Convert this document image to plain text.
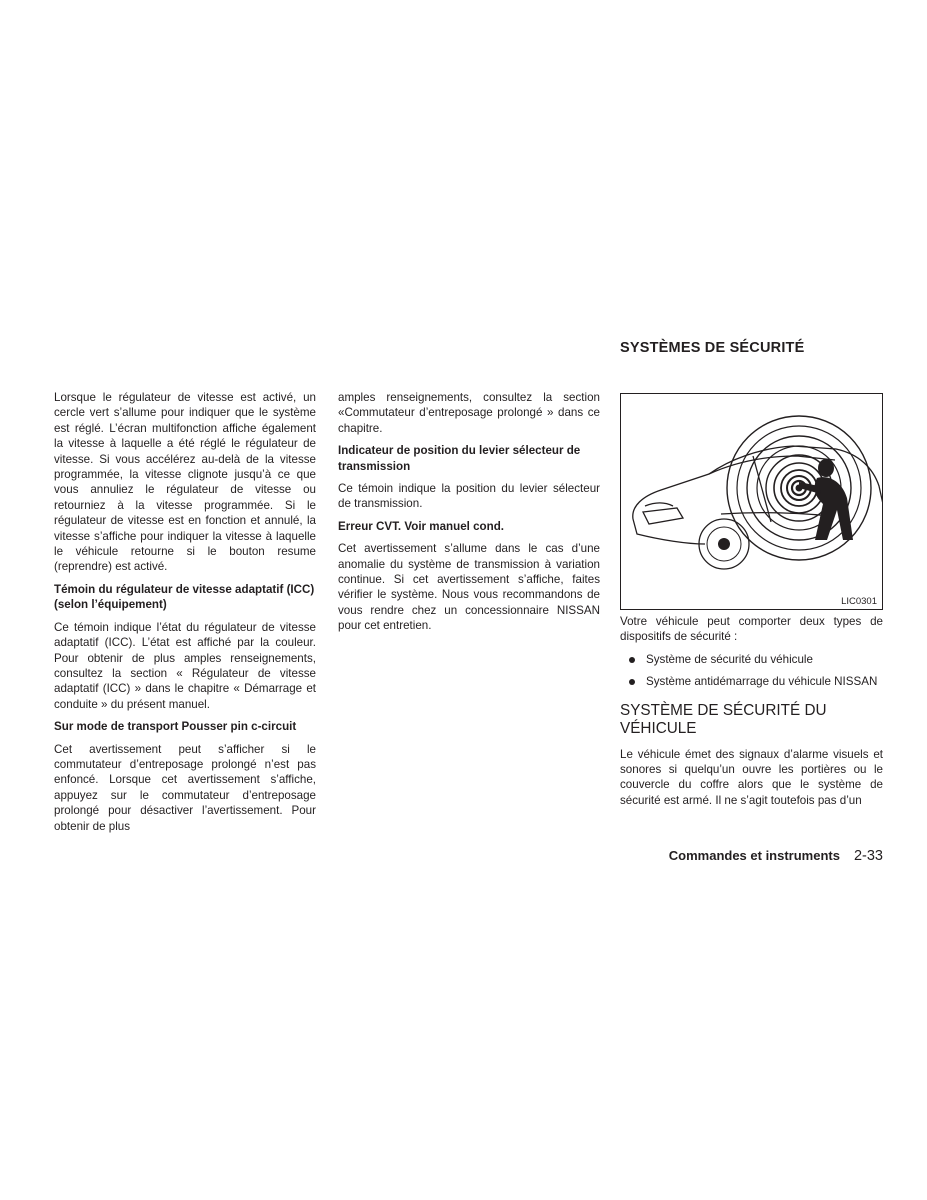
Lorsque le régulateur de vitesse est activé, un cercle vert s’allume pour indiquer que le système est réglé. L’écran multifonction affiche également la vitesse à laquelle a été réglé le régulateur de vitesse. Si vous accélérez au-delà de la vitesse programmée, la vitesse clignote jusqu’à ce que vous annuliez le régulateur de vitesse ou retourniez à la vitesse programmée. Si le régulateur de vitesse est en fonction et annulé, la vitesse s’affiche pour indiquer la vitesse à laquelle le véhicule retourne si le bouton resume (reprendre) est activé.

Témoin du régulateur de vitesse adaptatif (ICC) (selon l’équipement)

Ce témoin indique l’état du régulateur de vitesse adaptatif (ICC). L’état est affiché par la couleur. Pour obtenir de plus amples renseignements, consultez la section « Régulateur de vitesse adaptatif (ICC) » dans le chapitre « Démarrage et conduite » du présent manuel.

Sur mode de transport Pousser pin c-circuit

Cet avertissement peut s’afficher si le commutateur d’entreposage prolongé n’est pas enfoncé. Lorsque cet avertissement s’affiche, appuyez sur le commutateur d’entreposage prolongé pour désactiver l’avertissement. Pour obtenir de plus

amples renseignements, consultez la section «Commutateur d’entreposage prolongé » dans ce chapitre.

Indicateur de position du levier sélecteur de transmission

Ce témoin indique la position du levier sélecteur de transmission.

Erreur CVT. Voir manuel cond.

Cet avertissement s’allume dans le cas d’une anomalie du système de transmission à variation continue. Si cet avertissement s’affiche, faites vérifier le système. Nous vous recommandons de vous rendre chez un concessionnaire NISSAN pour cet entretien.

SYSTÈMES DE SÉCURITÉ
LIC0301

Votre véhicule peut comporter deux types de dispositifs de sécurité :

Système de sécurité du véhicule
Système antidémarrage du véhicule NISSAN
SYSTÈME DE SÉCURITÉ DU VÉHICULE

Le véhicule émet des signaux d’alarme visuels et sonores si quelqu’un ouvre les portières ou le couvercle du coffre alors que le système de sécurité est armé. Il ne s’agit toutefois pas d’un

Commandes et instruments 2-33
